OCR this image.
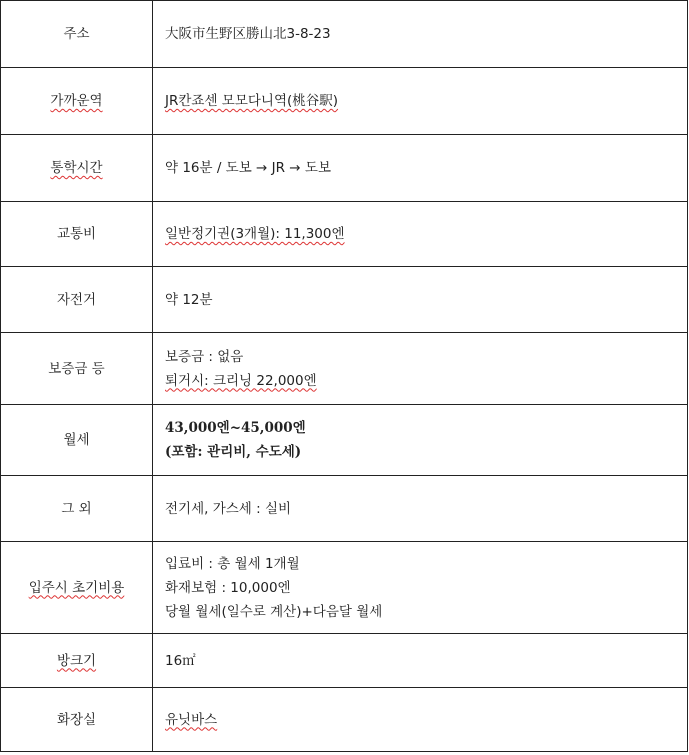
주소	大阪市生野区勝山北3-8-23

가까운역	JR칸죠센 모모다니역(桃谷駅)

통학시간	약 16분 / 도보 → JR → 도보

교통비	일반정기권(3개월): 11,300엔

자전거	약 12분

보증금 등	보증금 : 없음
퇴거시: 크리닝 22,000엔

월세	43,000엔~45,000엔
(포함: 관리비, 수도세)

그 외	전기세, 가스세 : 실비

입주시 초기비용	입료비 : 총 월세 1개월
화재보험 : 10,000엔
당월 월세(일수로 계산)+다음달 월세

방크기	16㎡

화장실	유닛바스
